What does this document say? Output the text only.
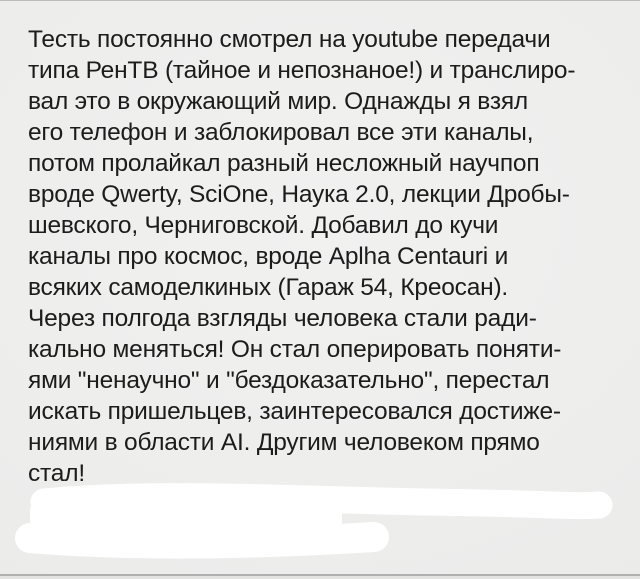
Тесть постоянно смотрел на youtube передачи
типа РенТВ (тайное и непознаное!) и транслиро-
вал это в окружающий мир. Однажды я взял
его телефон и заблокировал все эти каналы,
потом пролайкал разный несложный научпоп
вроде Qwerty, SciOne, Наука 2.0, лекции Дробы-
шевского, Черниговской. Добавил до кучи
каналы про космос, вроде Aplha Centauri и
всяких самоделкиных (Гараж 54, Креосан).
Через полгода взгляды человека стали ради-
кально меняться! Он стал оперировать поняти-
ями "ненаучно" и "бездоказательно", перестал
искать пришельцев, заинтересовался достиже-
ниями в области AI. Другим человеком прямо
стал!
